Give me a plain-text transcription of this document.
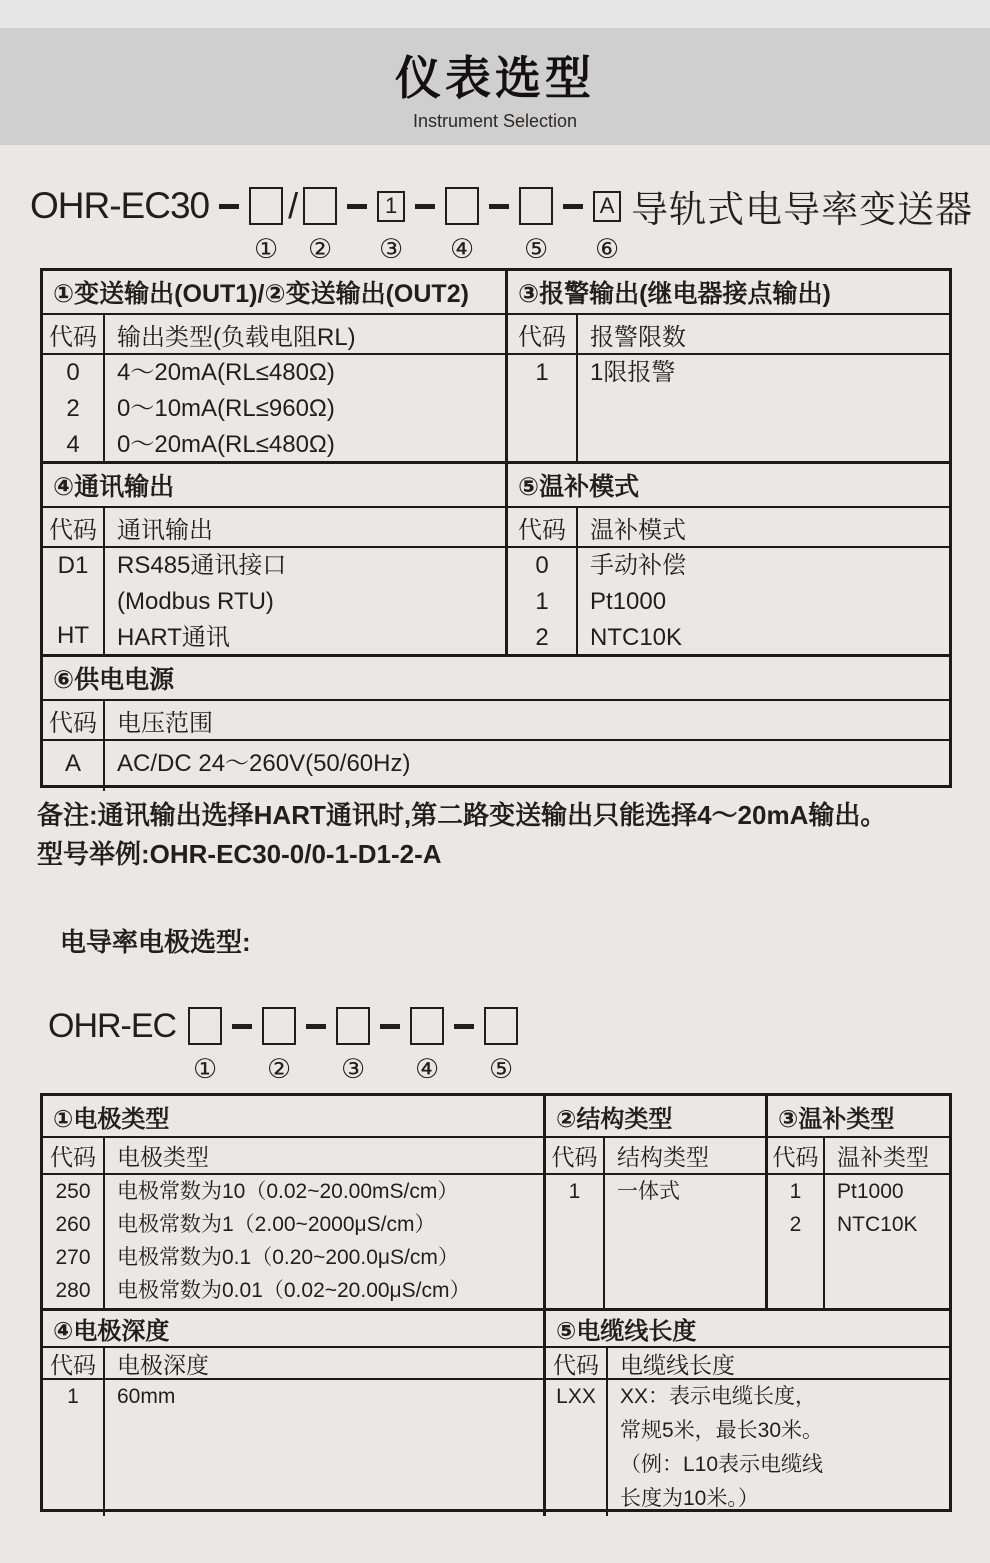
仪表选型
Instrument Selection
OHR-EC30
①
/
②
1
③ ④ ⑤
A
⑥
导轨式电导率变送器
①变送输出(OUT1)/②变送输出(OUT2)
代码 输出类型(负载电阻RL)
0
2
4
4～20mA(RL≤480Ω)
0～10mA(RL≤960Ω)
0～20mA(RL≤480Ω)
③报警输出(继电器接点输出)
代码	报警限数
1 1限报警
④通讯输出
代码 通讯输出
D1
HT
RS485通讯接口
(Modbus RTU)
HART通讯
⑤温补模式
代码	温补模式
0
1
2
手动补偿
Pt1000
NTC10K
⑥供电电源
代码 电压范围
A AC/DC 24～260V(50/60Hz)
备注:通讯输出选择HART通讯时,第二路变送输出只能选择4～20mA输出。
型号举例:OHR-EC30-0/0-1-D1-2-A
电导率电极选型:
OHR-EC
① ② ③ ④ ⑤
①电极类型
代码 电极类型
250
260
270
280
电极常数为10（0.02~20.00mS/cm）
电极常数为1（2.00~2000μS/cm）
电极常数为0.1（0.20~200.0μS/cm）
电极常数为0.01（0.02~20.00μS/cm）
②结构类型
代码 结构类型
1 一体式
③温补类型
代码 温补类型
1
2
Pt1000
NTC10K
④电极深度
代码 电极深度
1 60mm
⑤电缆线长度
代码 电缆线长度
LXX XX：表示电缆长度，
常规5米，最长30米。
（例：L10表示电缆线
长度为10米。）
